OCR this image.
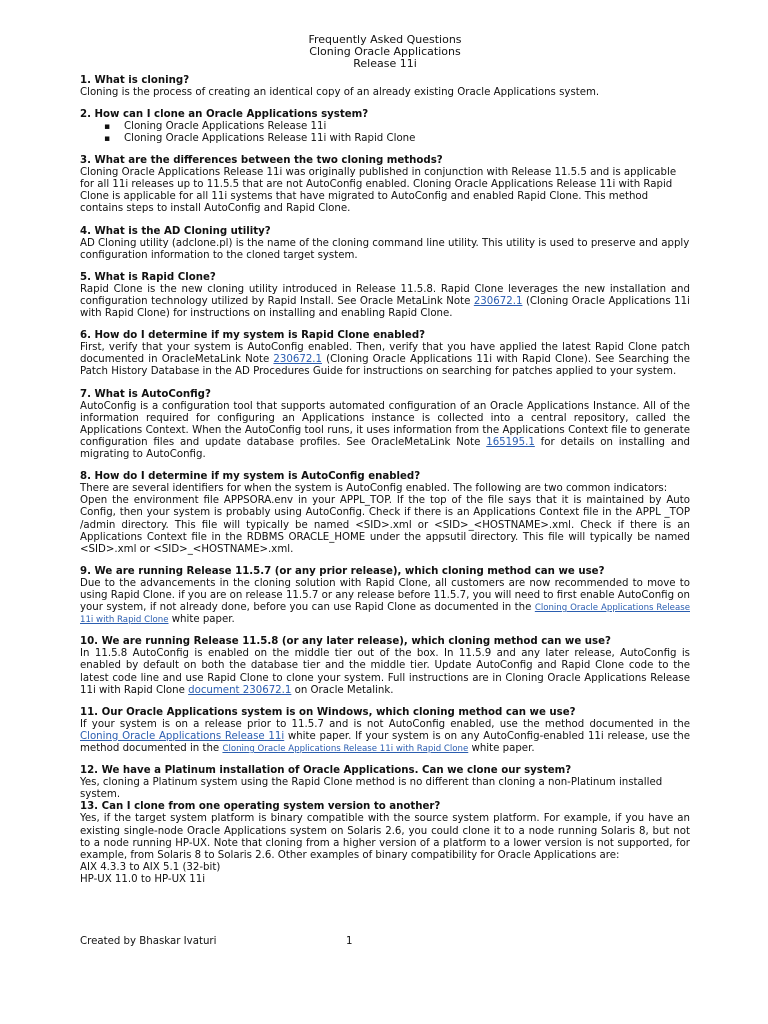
Frequently Asked Questions
Cloning Oracle Applications
Release 11i
1. What is cloning?
Cloning is the process of creating an identical copy of an already existing Oracle Applications system.
2. How can I clone an Oracle Applications system?
▪ Cloning Oracle Applications Release 11i
▪ Cloning Oracle Applications Release 11i with Rapid Clone
3. What are the differences between the two cloning methods?
Cloning Oracle Applications Release 11i was originally published in conjunction with Release 11.5.5 and is applicable for all 11i releases up to 11.5.5 that are not AutoConfig enabled. Cloning Oracle Applications Release 11i with Rapid Clone is applicable for all 11i systems that have migrated to AutoConfig and enabled Rapid Clone. This method contains steps to install AutoConfig and Rapid Clone.
4. What is the AD Cloning utility?
AD Cloning utility (adclone.pl) is the name of the cloning command line utility. This utility is used to preserve and apply configuration information to the cloned target system.
5. What is Rapid Clone?
Rapid Clone is the new cloning utility introduced in Release 11.5.8. Rapid Clone leverages the new installation and configuration technology utilized by Rapid Install. See Oracle MetaLink Note 230672.1 (Cloning Oracle Applications 11i with Rapid Clone) for instructions on installing and enabling Rapid Clone.
6. How do I determine if my system is Rapid Clone enabled?
First, verify that your system is AutoConfig enabled. Then, verify that you have applied the latest Rapid Clone patch documented in OracleMetaLink Note 230672.1 (Cloning Oracle Applications 11i with Rapid Clone). See Searching the Patch History Database in the AD Procedures Guide for instructions on searching for patches applied to your system.
7. What is AutoConfig?
AutoConfig is a configuration tool that supports automated configuration of an Oracle Applications Instance. All of the information required for configuring an Applications instance is collected into a central repository, called the Applications Context. When the AutoConfig tool runs, it uses information from the Applications Context file to generate configuration files and update database profiles. See OracleMetaLink Note 165195.1 for details on installing and migrating to AutoConfig.
8. How do I determine if my system is AutoConfig enabled?
There are several identifiers for when the system is AutoConfig enabled. The following are two common indicators:
Open the environment file APPSORA.env in your APPL_TOP. If the top of the file says that it is maintained by Auto Config, then your system is probably using AutoConfig. Check if there is an Applications Context file in the APPL _TOP /admin directory. This file will typically be named <SID>.xml or <SID>_<HOSTNAME>.xml. Check if there is an Applications Context file in the RDBMS ORACLE_HOME under the appsutil directory. This file will typically be named <SID>.xml or <SID>_<HOSTNAME>.xml.
9. We are running Release 11.5.7 (or any prior release), which cloning method can we use?
Due to the advancements in the cloning solution with Rapid Clone, all customers are now recommended to move to using Rapid Clone. if you are on release 11.5.7 or any release before 11.5.7, you will need to first enable AutoConfig on your system, if not already done, before you can use Rapid Clone as documented in the Cloning Oracle Applications Release 11i with Rapid Clone white paper.
10. We are running Release 11.5.8 (or any later release), which cloning method can we use?
In 11.5.8 AutoConfig is enabled on the middle tier out of the box. In 11.5.9 and any later release, AutoConfig is enabled by default on both the database tier and the middle tier. Update AutoConfig and Rapid Clone code to the latest code line and use Rapid Clone to clone your system. Full instructions are in Cloning Oracle Applications Release 11i with Rapid Clone document 230672.1 on Oracle Metalink.
11. Our Oracle Applications system is on Windows, which cloning method can we use?
If your system is on a release prior to 11.5.7 and is not AutoConfig enabled, use the method documented in the Cloning Oracle Applications Release 11i white paper. If your system is on any AutoConfig-enabled 11i release, use the method documented in the Cloning Oracle Applications Release 11i with Rapid Clone white paper.
12. We have a Platinum installation of Oracle Applications. Can we clone our system?
Yes, cloning a Platinum system using the Rapid Clone method is no different than cloning a non-Platinum installed system.
13. Can I clone from one operating system version to another?
Yes, if the target system platform is binary compatible with the source system platform. For example, if you have an existing single-node Oracle Applications system on Solaris 2.6, you could clone it to a node running Solaris 8, but not to a node running HP-UX. Note that cloning from a higher version of a platform to a lower version is not supported, for example, from Solaris 8 to Solaris 2.6. Other examples of binary compatibility for Oracle Applications are:
AIX 4.3.3 to AIX 5.1 (32-bit)
HP-UX 11.0 to HP-UX 11i
Created by Bhaskar Ivaturi	1
